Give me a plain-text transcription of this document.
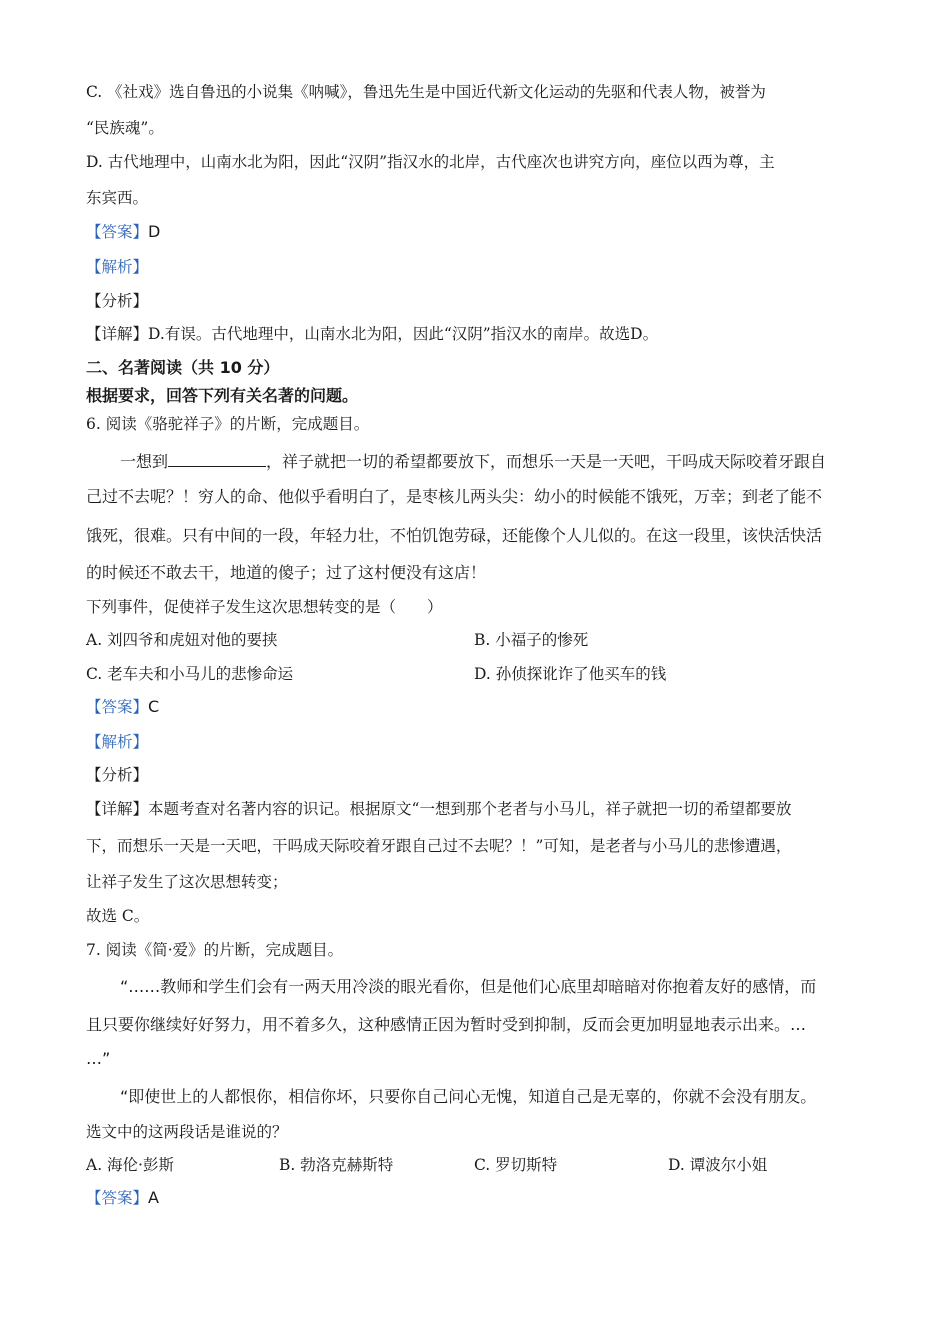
C. 《社戏》选自鲁迅的小说集《呐喊》，鲁迅先生是中国近代新文化运动的先驱和代表人物，被誉为
“民族魂”。
D. 古代地理中，山南水北为阳，因此“汉阴”指汉水的北岸，古代座次也讲究方向，座位以西为尊，主
东宾西。
【答案】D
【解析】
【分析】
【详解】D.有误。古代地理中，山南水北为阳，因此“汉阴”指汉水的南岸。故选D。
二、名著阅读（共 10 分）
根据要求，回答下列有关名著的问题。
6. 阅读《骆驼祥子》的片断，完成题目。
一想到	，祥子就把一切的希望都要放下，而想乐一天是一天吧，干吗成天际咬着牙跟自
己过不去呢？！穷人的命、他似乎看明白了，是枣核儿两头尖：幼小的时候能不饿死，万幸；到老了能不
饿死，很难。只有中间的一段，年轻力壮，不怕饥饱劳碌，还能像个人儿似的。在这一段里，该快活快活
的时候还不敢去干，地道的傻子；过了这村便没有这店！
下列事件，促使祥子发生这次思想转变的是（　　）
A. 刘四爷和虎妞对他的要挟	B. 小福子的惨死
C. 老车夫和小马儿的悲惨命运	D. 孙侦探讹诈了他买车的钱
【答案】C
【解析】
【分析】
【详解】本题考查对名著内容的识记。根据原文“一想到那个老者与小马儿，祥子就把一切的希望都要放
下，而想乐一天是一天吧，干吗成天际咬着牙跟自己过不去呢？！”可知，是老者与小马儿的悲惨遭遇，
让祥子发生了这次思想转变；
故选 C。
7. 阅读《简·爱》的片断，完成题目。
“……教师和学生们会有一两天用冷淡的眼光看你，但是他们心底里却暗暗对你抱着友好的感情，而
且只要你继续好好努力，用不着多久，这种感情正因为暂时受到抑制，反而会更加明显地表示出来。…
…”
“即使世上的人都恨你，相信你坏，只要你自己问心无愧，知道自己是无辜的，你就不会没有朋友。
选文中的这两段话是谁说的？
A. 海伦·彭斯	B. 勃洛克赫斯特	C. 罗切斯特	D. 谭波尔小姐
【答案】A
